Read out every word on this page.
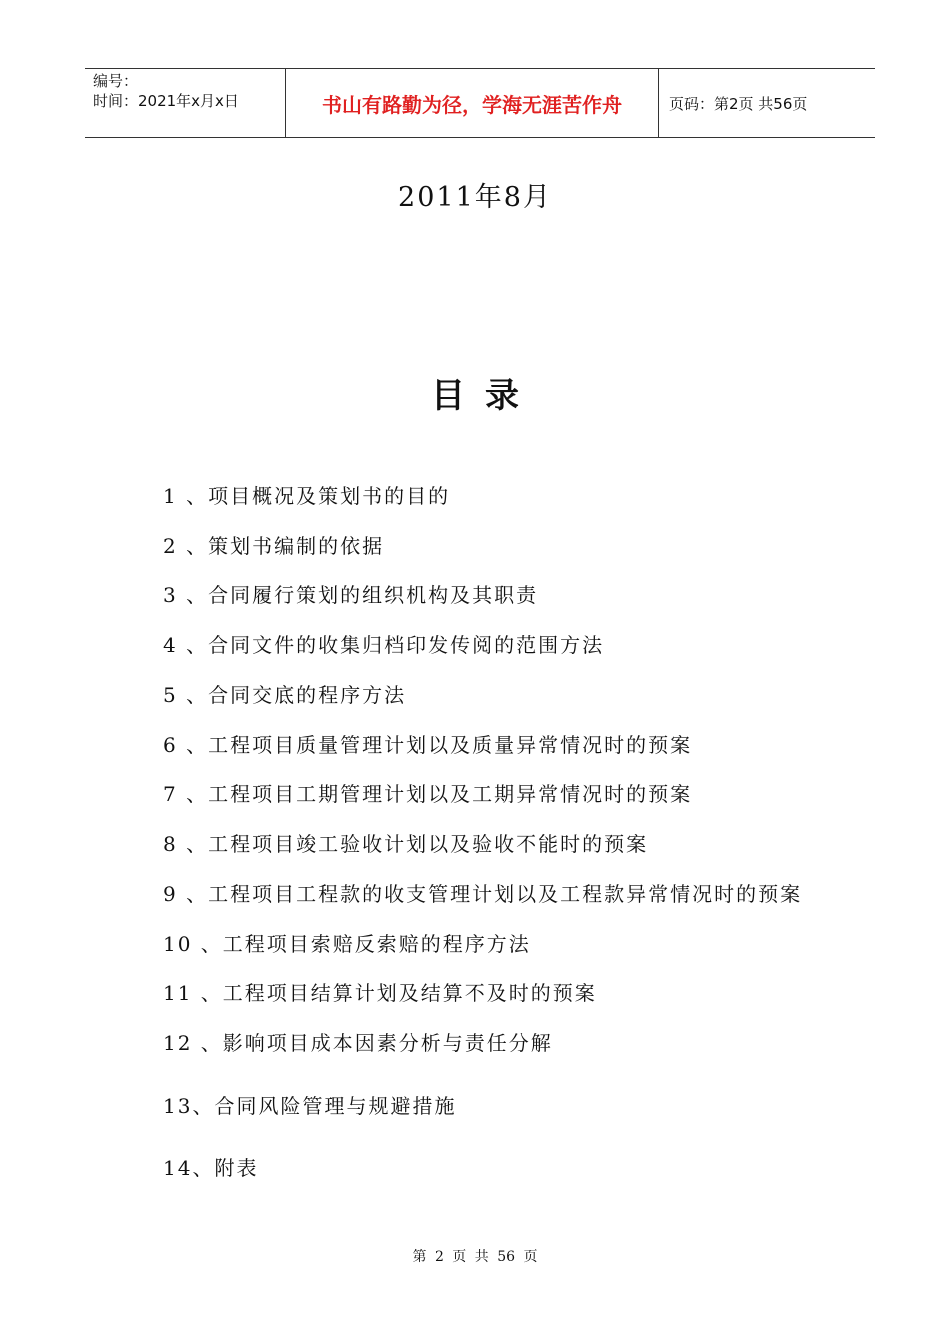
编号：
时间：2021年x月x日	书山有路勤为径，学海无涯苦作舟	页码：第2页 共56页
2011年8月
目录
1 、项目概况及策划书的目的
2 、策划书编制的依据
3 、合同履行策划的组织机构及其职责
4 、合同文件的收集归档印发传阅的范围方法
5 、合同交底的程序方法
6 、工程项目质量管理计划以及质量异常情况时的预案
7 、工程项目工期管理计划以及工期异常情况时的预案
8 、工程项目竣工验收计划以及验收不能时的预案
9 、工程项目工程款的收支管理计划以及工程款异常情况时的预案
10 、工程项目索赔反索赔的程序方法
11 、工程项目结算计划及结算不及时的预案
12 、影响项目成本因素分析与责任分解
13、合同风险管理与规避措施
14、附表
第 2 页 共 56 页
